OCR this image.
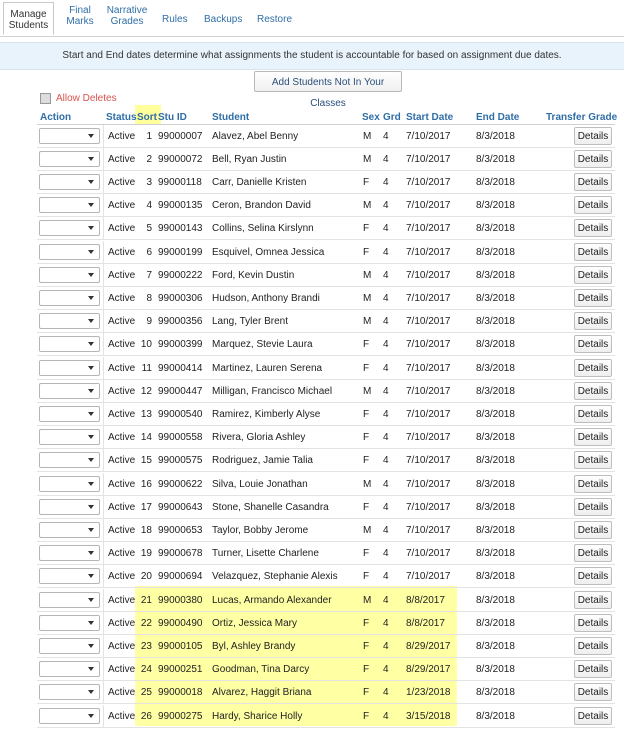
Manage
Students
Final
Marks
Narrative
Grades	Rules Backups Restore
Start and End dates determine what assignments the student is accountable for based on assignment due dates.
Add Students Not In Your Classes
Allow Deletes
Action	Status Sort Stu ID	Student	Sex Grd Start Date End Date	Transfer Grade
Active	1 99000007 Alavez, Abel Benny	M 4 7/10/2017	8/3/2018	Details
Active	2 99000072 Bell, Ryan Justin	M 4 7/10/2017	8/3/2018	Details
Active	3 99000118 Carr, Danielle Kristen	F 4 7/10/2017	8/3/2018	Details
Active	4 99000135 Ceron, Brandon David	M 4 7/10/2017	8/3/2018	Details
Active	5 99000143 Collins, Selina Kirslynn	F 4 7/10/2017	8/3/2018	Details
Active	6 99000199 Esquivel, Omnea Jessica	F 4 7/10/2017	8/3/2018	Details
Active	7 99000222 Ford, Kevin Dustin	M 4 7/10/2017	8/3/2018	Details
Active	8 99000306 Hudson, Anthony Brandi	M 4 7/10/2017	8/3/2018	Details
Active	9 99000356 Lang, Tyler Brent	M 4 7/10/2017	8/3/2018	Details
Active 10 99000399 Marquez, Stevie Laura	F 4 7/10/2017	8/3/2018	Details
Active 11 99000414 Martinez, Lauren Serena	F 4 7/10/2017	8/3/2018	Details
Active 12 99000447 Milligan, Francisco Michael	M 4 7/10/2017	8/3/2018	Details
Active 13 99000540 Ramirez, Kimberly Alyse	F 4 7/10/2017	8/3/2018	Details
Active 14 99000558 Rivera, Gloria Ashley	F 4 7/10/2017	8/3/2018	Details
Active 15 99000575 Rodriguez, Jamie Talia	F 4 7/10/2017	8/3/2018	Details
Active 16 99000622 Silva, Louie Jonathan	M 4 7/10/2017	8/3/2018	Details
Active 17 99000643 Stone, Shanelle Casandra	F 4 7/10/2017	8/3/2018	Details
Active 18 99000653 Taylor, Bobby Jerome	M 4 7/10/2017	8/3/2018	Details
Active 19 99000678 Turner, Lisette Charlene	F 4 7/10/2017	8/3/2018	Details
Active 20 99000694 Velazquez, Stephanie Alexis	F 4 7/10/2017	8/3/2018	Details
Active 21 99000380 Lucas, Armando Alexander	M 4 8/8/2017	8/3/2018	Details
Active 22 99000490 Ortiz, Jessica Mary	F 4 8/8/2017	8/3/2018	Details
Active 23 99000105 Byl, Ashley Brandy	F 4 8/29/2017	8/3/2018	Details
Active 24 99000251 Goodman, Tina Darcy	F 4 8/29/2017	8/3/2018	Details
Active 25 99000018 Alvarez, Haggit Briana	F 4 1/23/2018	8/3/2018	Details
Active 26 99000275 Hardy, Sharice Holly	F 4 3/15/2018	8/3/2018	Details
